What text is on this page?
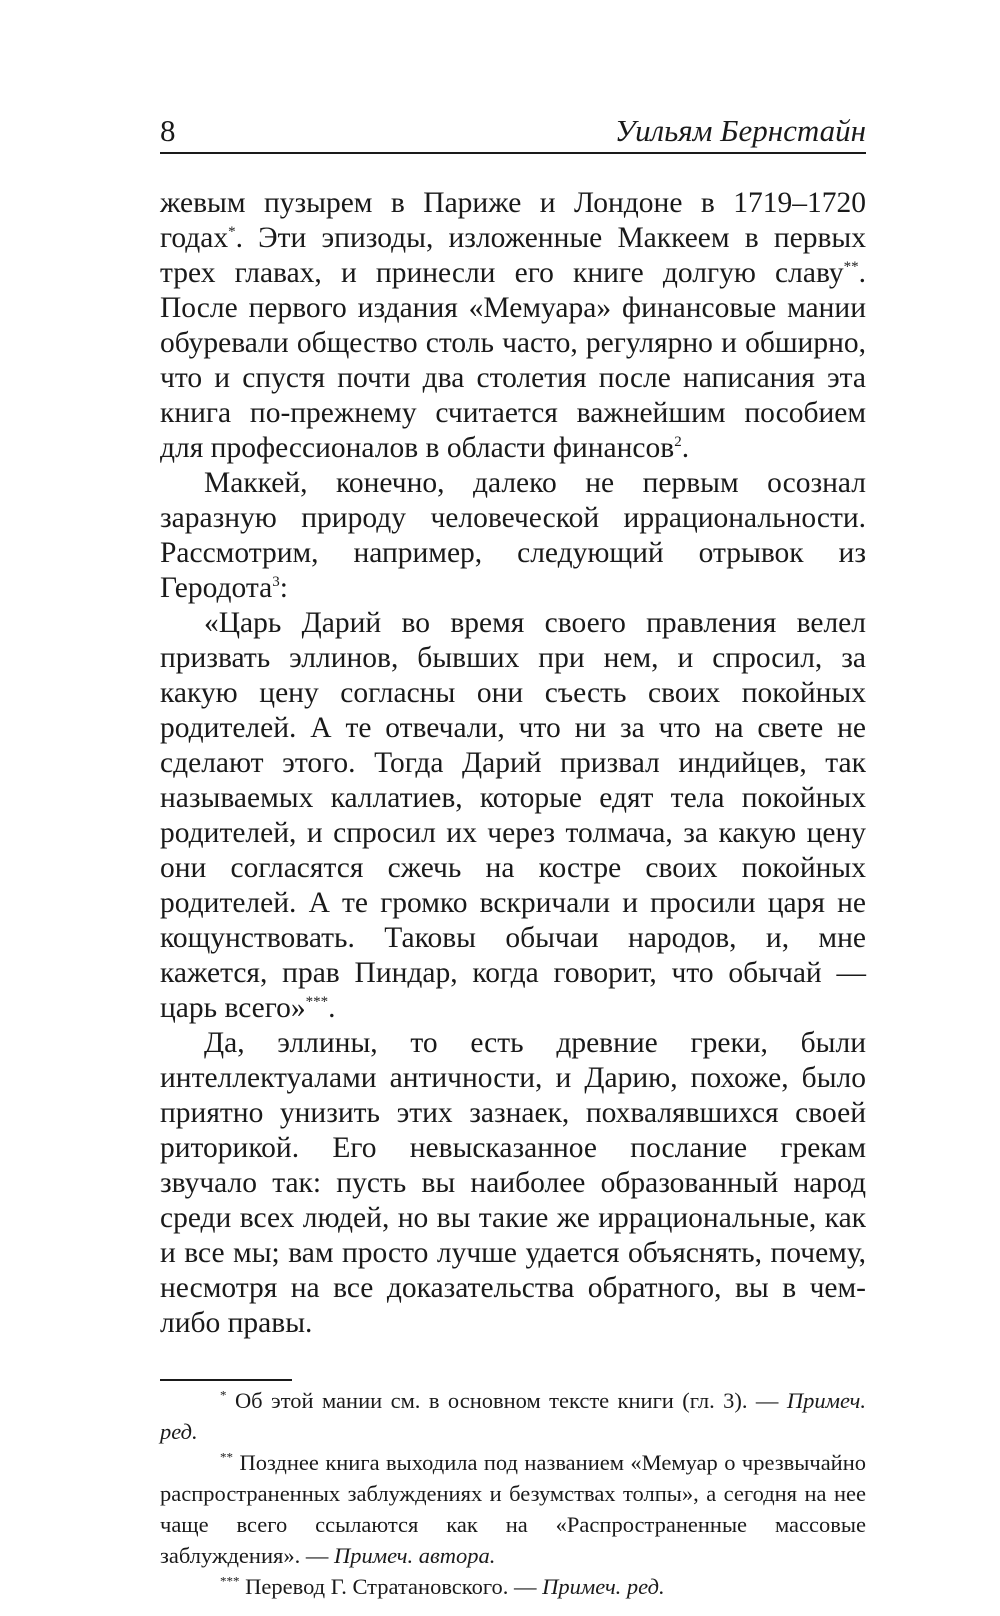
8	Уильям Бернстайн

жевым пузырем в Париже и Лондоне в 1719–1720 годах*. Эти эпизоды, изложенные Маккеем в первых трех главах, и принесли его книге долгую славу**. После первого издания «Мемуара» финансовые мании обуревали общество столь часто, регулярно и обширно, что и спустя почти два столетия после написания эта книга по-прежнему считается важнейшим пособием для профессионалов в области финансов$^2$.

Маккей, конечно, далеко не первым осознал заразную природу человеческой иррациональности. Рассмотрим, например, следующий отрывок из Геродота$^3$:

«Царь Дарий во время своего правления велел призвать эллинов, бывших при нем, и спросил, за какую цену согласны они съесть своих покойных родителей. А те отвечали, что ни за что на свете не сделают этого. Тогда Дарий призвал индийцев, так называемых каллатиев, которые едят тела покойных родителей, и спросил их через толмача, за какую цену они согласятся сжечь на костре своих покойных родителей. А те громко вскричали и просили царя не кощунствовать. Таковы обычаи народов, и, мне кажется, прав Пиндар, когда говорит, что обычай — царь всего»***.

Да, эллины, то есть древние греки, были интеллектуалами античности, и Дарию, похоже, было приятно унизить этих зазнаек, похвалявшихся своей риторикой. Его невысказанное послание грекам звучало так: пусть вы наиболее образованный народ среди всех людей, но вы такие же иррациональные, как и все мы; вам просто лучше удается объяснять, почему, несмотря на все доказательства обратного, вы в чем-либо правы.

* Об этой мании см. в основном тексте книги (гл. 3). — Примеч. ред.

** Позднее книга выходила под названием «Мемуар о чрезвычайно распространенных заблуждениях и безумствах толпы», а сегодня на нее чаще всего ссылаются как на «Распространенные массовые заблуждения». — Примеч. автора.

*** Перевод Г. Стратановского. — Примеч. ред.
